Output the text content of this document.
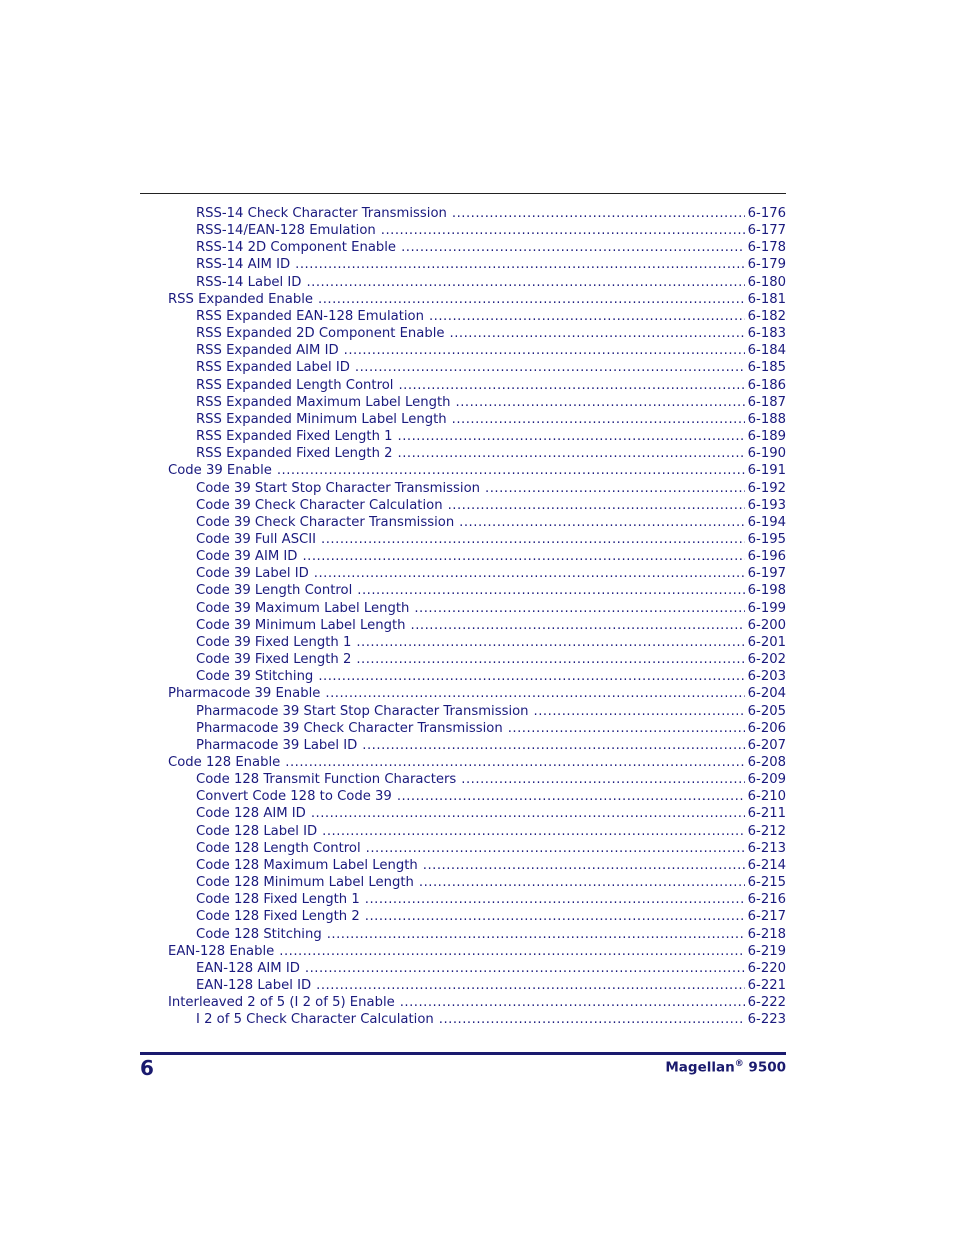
RSS-14 Check Character Transmission .....	6-176
RSS-14/EAN-128 Emulation .....	6-177
RSS-14 2D Component Enable .....	6-178
RSS-14 AIM ID .....	6-179
RSS-14 Label ID .....	6-180
RSS Expanded Enable .....	6-181
RSS Expanded EAN-128 Emulation .....	6-182
RSS Expanded 2D Component Enable .....	6-183
RSS Expanded AIM ID .....	6-184
RSS Expanded Label ID .....	6-185
RSS Expanded Length Control .....	6-186
RSS Expanded Maximum Label Length .....	6-187
RSS Expanded Minimum Label Length .....	6-188
RSS Expanded Fixed Length 1 .....	6-189
RSS Expanded Fixed Length 2 .....	6-190
Code 39 Enable .....	6-191
Code 39 Start Stop Character Transmission .....	6-192
Code 39 Check Character Calculation .....	6-193
Code 39 Check Character Transmission .....	6-194
Code 39 Full ASCII .....	6-195
Code 39 AIM ID .....	6-196
Code 39 Label ID .....	6-197
Code 39 Length Control .....	6-198
Code 39 Maximum Label Length .....	6-199
Code 39 Minimum Label Length .....	6-200
Code 39 Fixed Length 1 .....	6-201
Code 39 Fixed Length 2 .....	6-202
Code 39 Stitching .....	6-203
Pharmacode 39 Enable .....	6-204
Pharmacode 39 Start Stop Character Transmission .....	6-205
Pharmacode 39 Check Character Transmission .....	6-206
Pharmacode 39 Label ID .....	6-207
Code 128 Enable .....	6-208
Code 128 Transmit Function Characters .....	6-209
Convert Code 128 to Code 39 .....	6-210
Code 128 AIM ID .....	6-211
Code 128 Label ID .....	6-212
Code 128 Length Control .....	6-213
Code 128 Maximum Label Length .....	6-214
Code 128 Minimum Label Length .....	6-215
Code 128 Fixed Length 1 .....	6-216
Code 128 Fixed Length 2 .....	6-217
Code 128 Stitching .....	6-218
EAN-128 Enable .....	6-219
EAN-128 AIM ID .....	6-220
EAN-128 Label ID .....	6-221
Interleaved 2 of 5 (I 2 of 5) Enable .....	6-222
I 2 of 5 Check Character Calculation .....	6-223
6	Magellan® 9500
